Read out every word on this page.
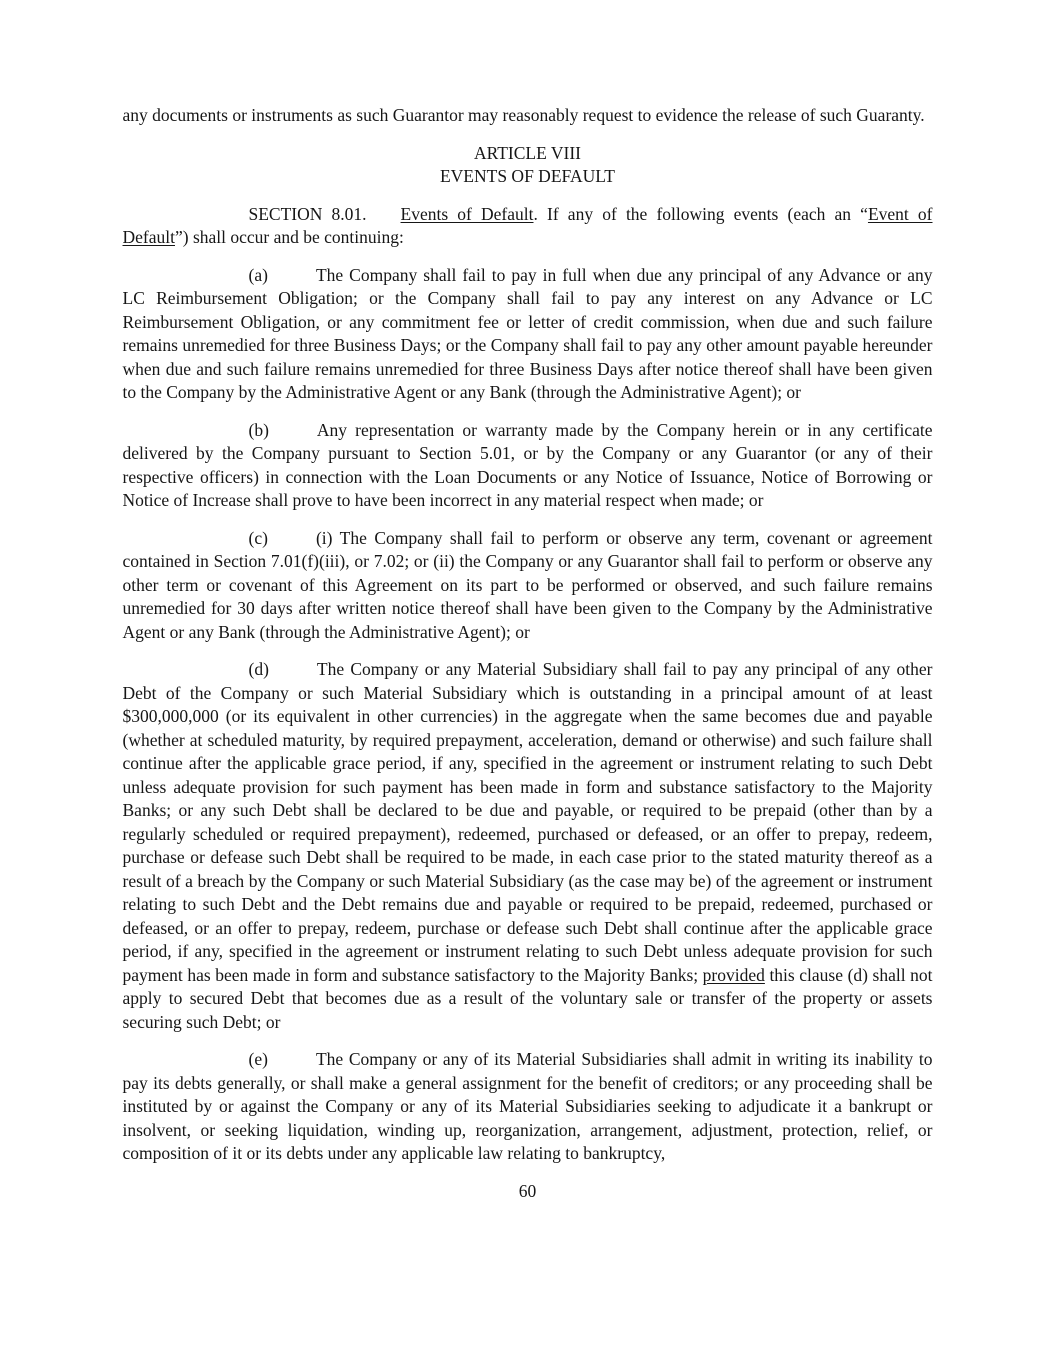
any documents or instruments as such Guarantor may reasonably request to evidence the release of such Guaranty.

ARTICLE VIII

EVENTS OF DEFAULT

SECTION 8.01. Events of Default. If any of the following events (each an “Event of Default”) shall occur and be continuing:

(a)	The Company shall fail to pay in full when due any principal of any Advance or any LC Reimbursement Obligation; or the Company shall fail to pay any interest on any Advance or LC Reimbursement Obligation, or any commitment fee or letter of credit commission, when due and such failure remains unremedied for three Business Days; or the Company shall fail to pay any other amount payable hereunder when due and such failure remains unremedied for three Business Days after notice thereof shall have been given to the Company by the Administrative Agent or any Bank (through the Administrative Agent); or

(b)	Any representation or warranty made by the Company herein or in any certificate delivered by the Company pursuant to Section 5.01, or by the Company or any Guarantor (or any of their respective officers) in connection with the Loan Documents or any Notice of Issuance, Notice of Borrowing or Notice of Increase shall prove to have been incorrect in any material respect when made; or

(c)	(i) The Company shall fail to perform or observe any term, covenant or agreement contained in Section 7.01(f)(iii), or 7.02; or (ii) the Company or any Guarantor shall fail to perform or observe any other term or covenant of this Agreement on its part to be performed or observed, and such failure remains unremedied for 30 days after written notice thereof shall have been given to the Company by the Administrative Agent or any Bank (through the Administrative Agent); or

(d)	The Company or any Material Subsidiary shall fail to pay any principal of any other Debt of the Company or such Material Subsidiary which is outstanding in a principal amount of at least $300,000,000 (or its equivalent in other currencies) in the aggregate when the same becomes due and payable (whether at scheduled maturity, by required prepayment, acceleration, demand or otherwise) and such failure shall continue after the applicable grace period, if any, specified in the agreement or instrument relating to such Debt unless adequate provision for such payment has been made in form and substance satisfactory to the Majority Banks; or any such Debt shall be declared to be due and payable, or required to be prepaid (other than by a regularly scheduled or required prepayment), redeemed, purchased or defeased, or an offer to prepay, redeem, purchase or defease such Debt shall be required to be made, in each case prior to the stated maturity thereof as a result of a breach by the Company or such Material Subsidiary (as the case may be) of the agreement or instrument relating to such Debt and the Debt remains due and payable or required to be prepaid, redeemed, purchased or defeased, or an offer to prepay, redeem, purchase or defease such Debt shall continue after the applicable grace period, if any, specified in the agreement or instrument relating to such Debt unless adequate provision for such payment has been made in form and substance satisfactory to the Majority Banks; provided this clause (d) shall not apply to secured Debt that becomes due as a result of the voluntary sale or transfer of the property or assets securing such Debt; or

(e)	The Company or any of its Material Subsidiaries shall admit in writing its inability to pay its debts generally, or shall make a general assignment for the benefit of creditors; or any proceeding shall be instituted by or against the Company or any of its Material Subsidiaries seeking to adjudicate it a bankrupt or insolvent, or seeking liquidation, winding up, reorganization, arrangement, adjustment, protection, relief, or composition of it or its debts under any applicable law relating to bankruptcy,

60
